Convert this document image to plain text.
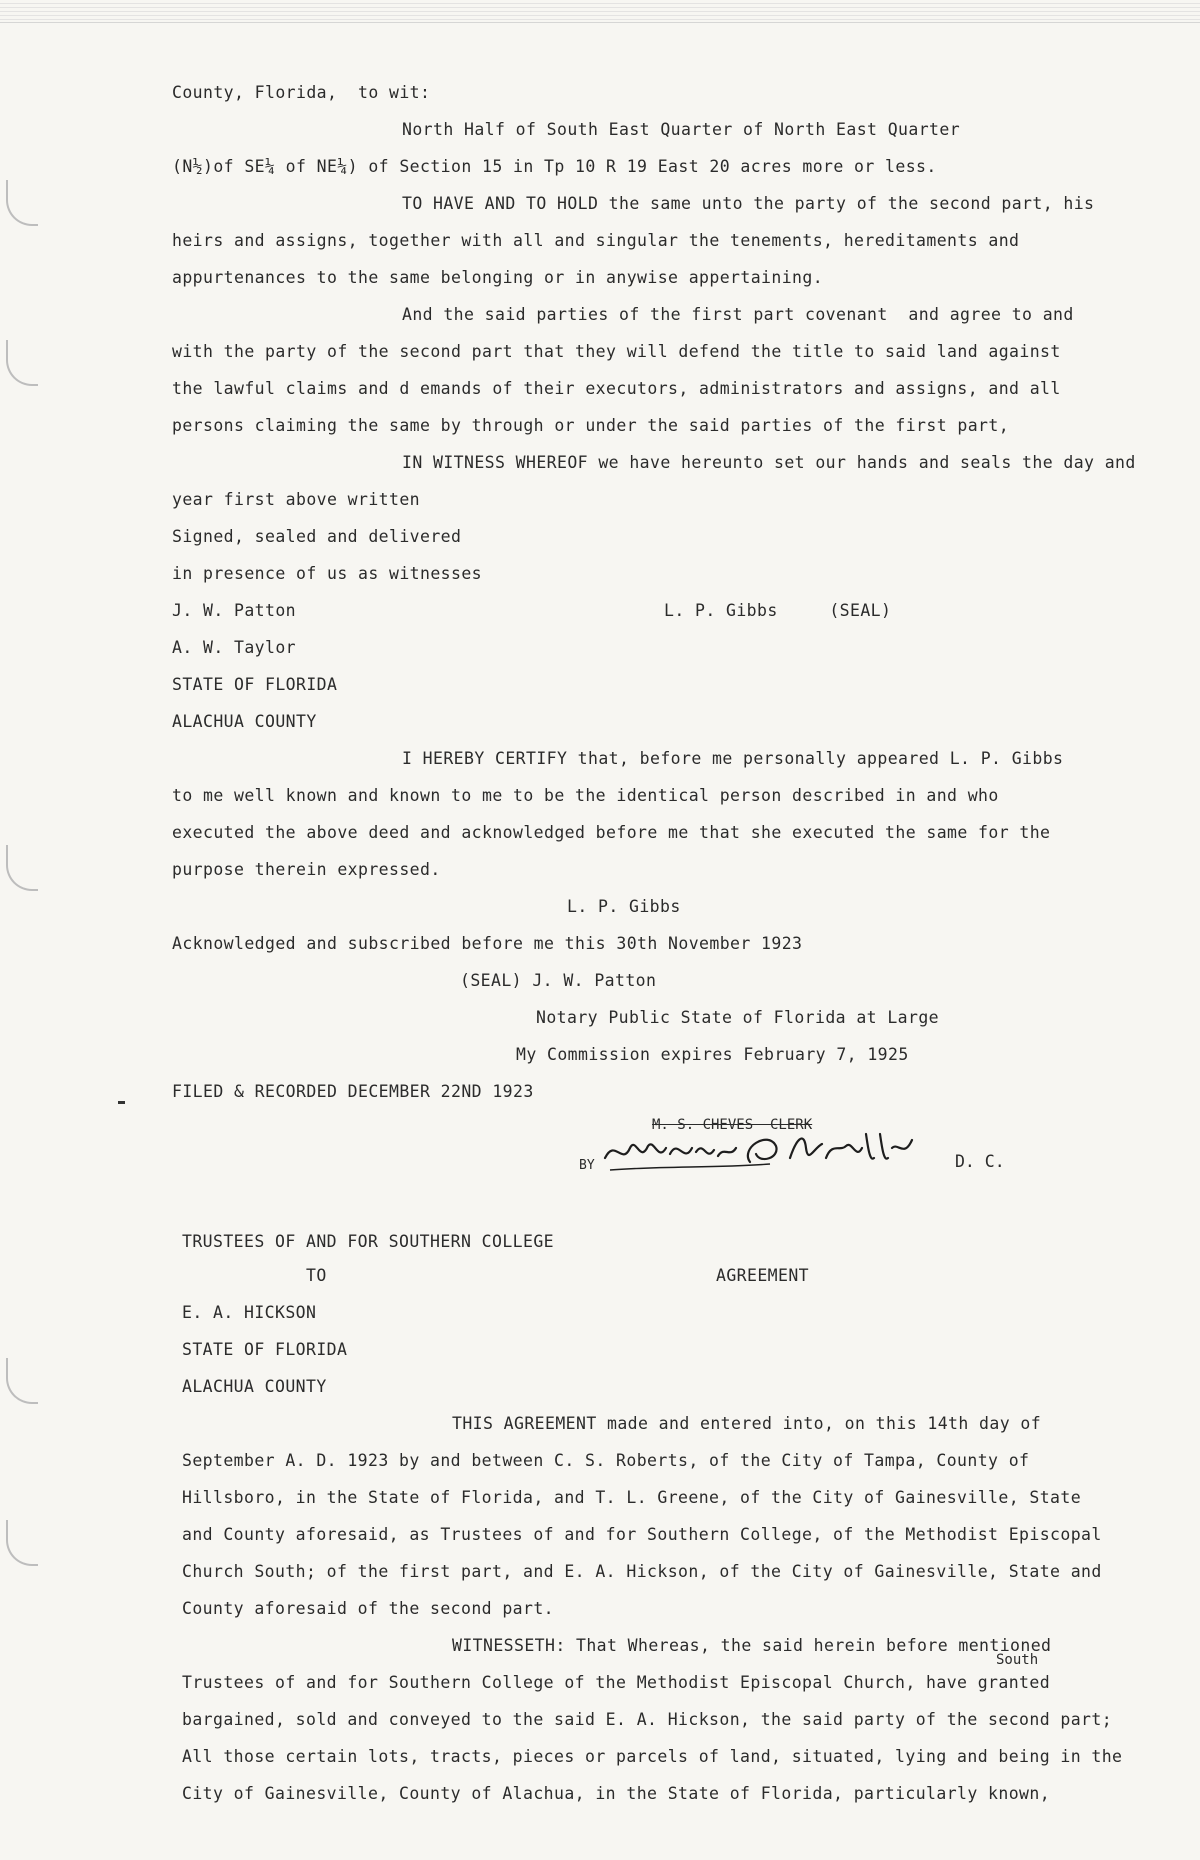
County, Florida,  to wit:
North Half of South East Quarter of North East Quarter
(N½)of SE¼ of NE¼) of Section 15 in Tp 10 R 19 East 20 acres more or less.
TO HAVE AND TO HOLD the same unto the party of the second part, his
heirs and assigns, together with all and singular the tenements, hereditaments and
appurtenances to the same belonging or in anywise appertaining.
And the said parties of the first part covenant  and agree to and
with the party of the second part that they will defend the title to said land against
the lawful claims and d emands of their executors, administrators and assigns, and all
persons claiming the same by through or under the said parties of the first part,
IN WITNESS WHEREOF we have hereunto set our hands and seals the day and
year first above written
Signed, sealed and delivered
in presence of us as witnesses
J. W. Patton	L. P. Gibbs     (SEAL)
A. W. Taylor
STATE OF FLORIDA
ALACHUA COUNTY
I HEREBY CERTIFY that, before me personally appeared L. P. Gibbs
to me well known and known to me to be the identical person described in and who
executed the above deed and acknowledged before me that she executed the same for the
purpose therein expressed.
L. P. Gibbs
Acknowledged and subscribed before me this 30th November 1923
(SEAL) J. W. Patton
Notary Public State of Florida at Large
My Commission expires February 7, 1925
FILED & RECORDED DECEMBER 22ND 1923
M. S. CHEVES  CLERK
BY	D. C.
TRUSTEES OF AND FOR SOUTHERN COLLEGE
TO	AGREEMENT
E. A. HICKSON
STATE OF FLORIDA
ALACHUA COUNTY
THIS AGREEMENT made and entered into, on this 14th day of
September A. D. 1923 by and between C. S. Roberts, of the City of Tampa, County of
Hillsboro, in the State of Florida, and T. L. Greene, of the City of Gainesville, State
and County aforesaid, as Trustees of and for Southern College, of the Methodist Episcopal
Church South; of the first part, and E. A. Hickson, of the City of Gainesville, State and
County aforesaid of the second part.
WITNESSETH: That Whereas, the said herein before mentioned
South
Trustees of and for Southern College of the Methodist Episcopal Church, have granted
bargained, sold and conveyed to the said E. A. Hickson, the said party of the second part;
All those certain lots, tracts, pieces or parcels of land, situated, lying and being in the
City of Gainesville, County of Alachua, in the State of Florida, particularly known,
